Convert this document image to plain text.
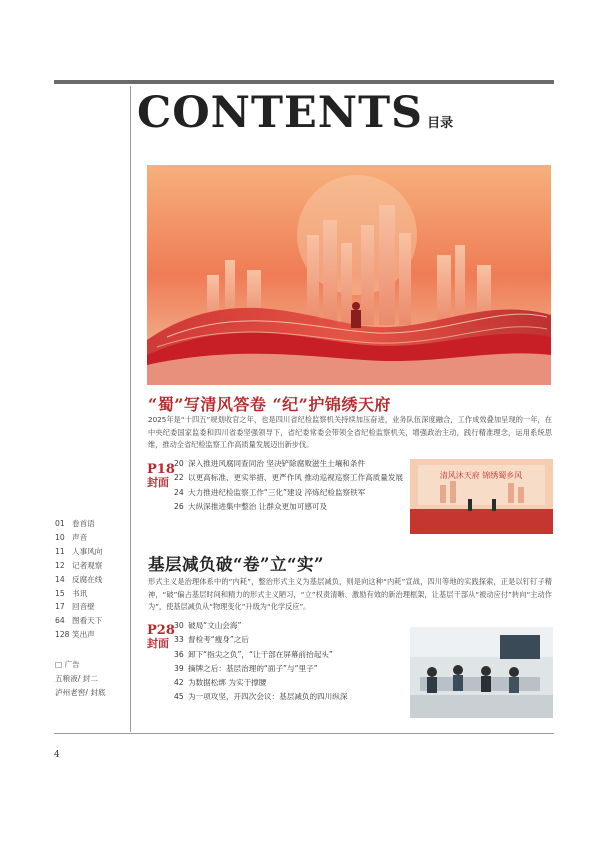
CONTENTS 目录
“蜀”写清风答卷 “纪”护锦绣天府
2025年是“十四五”规划收官之年，也是四川省纪检监察机关持续加压奋进，业务队伍深度融合，工作成效叠加呈现的一年，在中央纪委国家监委和四川省委坚强领导下，省纪委常委会带领全省纪检监察机关，增强政治主动，践行精准理念，运用系统思维，推动全省纪检监察工作高质量发展迈出新步伐。
P18
封面
20 深入推进风腐同查同治 坚决铲除腐败滋生土壤和条件
22 以更高标准、更实举措、更严作风 推动巡视巡察工作高质量发展
24 大力推进纪检监察工作“三化”建设 淬炼纪检监察铁军
26 大纵深推进集中整治 让群众更加可感可及
清风沐天府 锦绣蜀乡风
基层减负破“卷”立“实”
形式主义是治理体系中的“内耗”，整治形式主义为基层减负，则是向这种“内耗”宣战，四川等地的实践探索，正是以钉钉子精神，“破”偏占基层时间和精力的形式主义陋习，“立”权责清晰、激励有效的新治理框架，让基层干部从“被动应付”转向“主动作为”，使基层减负从“物理变化”升级为“化学反应”。
P28
封面
30 破局“文山会海”
33 督检考“瘦身”之后
36 卸下“指尖之负”，“让干部在屏幕前抬起头”
39 摘牌之后：基层治理的“面子”与“里子”
42 为数据松绑 为实干撑腰
45 为一项攻坚，开四次会议：基层减负的四川纵深
01 卷首语
10 声音
11 人事风向
12 记者观察
14 反腐在线
15 书讯
17 回音壁
64 图看天下
128 笑出声
□ 广告
五粮液/ 封二
泸州老窖/ 封底
4
